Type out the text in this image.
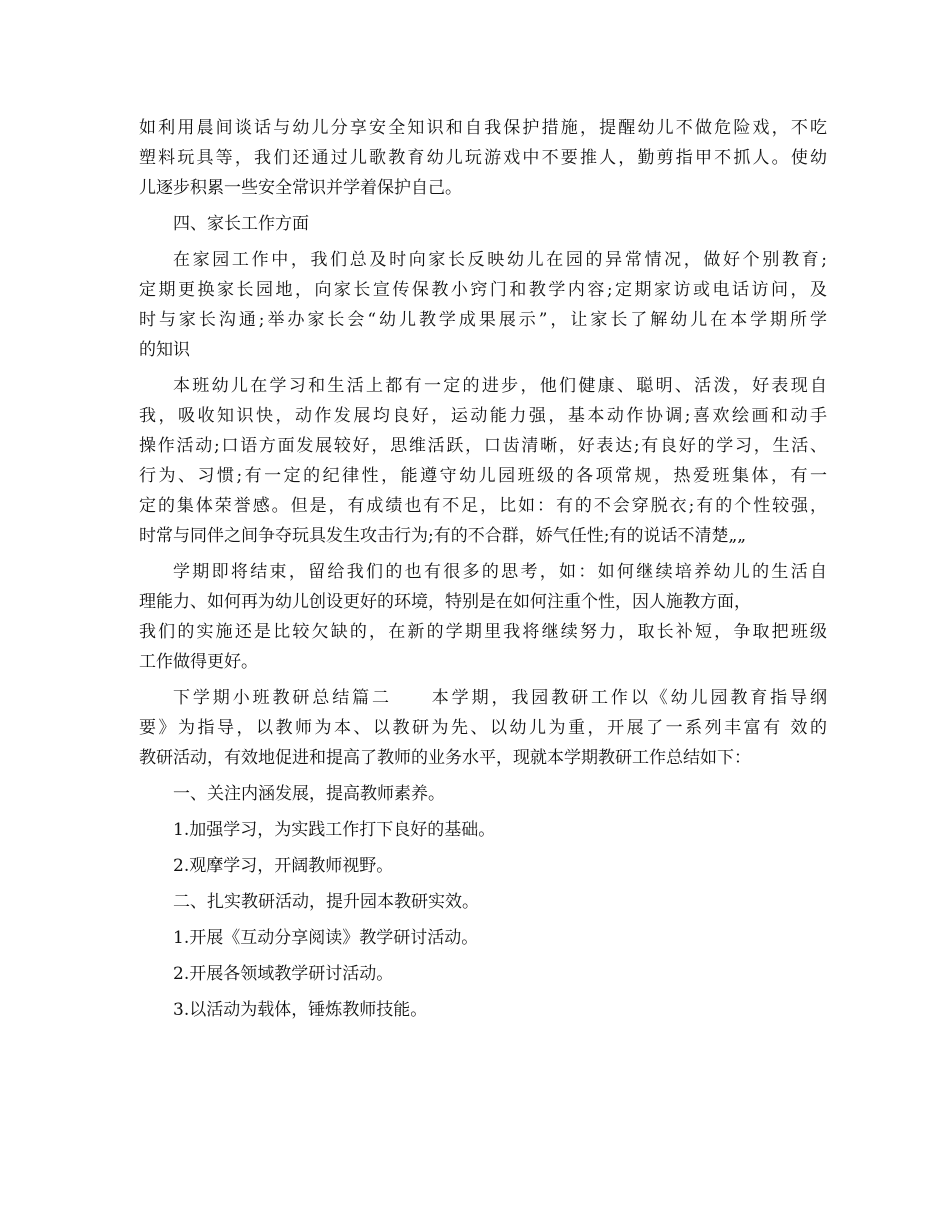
如利用晨间谈话与幼儿分享安全知识和自我保护措施，提醒幼儿不做危险戏，不吃
塑料玩具等，我们还通过儿歌教育幼儿玩游戏中不要推人，勤剪指甲不抓人。使幼
儿逐步积累一些安全常识并学着保护自己。
四、家长工作方面
在家园工作中，我们总及时向家长反映幼儿在园的异常情况，做好个别教育;
定期更换家长园地，向家长宣传保教小窍门和教学内容;定期家访或电话访问，及
时与家长沟通;举办家长会“幼儿教学成果展示”，让家长了解幼儿在本学期所学
的知识
本班幼儿在学习和生活上都有一定的进步，他们健康、聪明、活泼，好表现自
我，吸收知识快，动作发展均良好，运动能力强，基本动作协调;喜欢绘画和动手
操作活动;口语方面发展较好，思维活跃，口齿清晰，好表达;有良好的学习，生活、
行为、习惯;有一定的纪律性，能遵守幼儿园班级的各项常规，热爱班集体，有一
定的集体荣誉感。但是，有成绩也有不足，比如：有的不会穿脱衣;有的个性较强，
时常与同伴之间争夺玩具发生攻击行为;有的不合群，娇气任性;有的说话不清楚„„
学期即将结束，留给我们的也有很多的思考，如：如何继续培养幼儿的生活自
理能力、如何再为幼儿创设更好的环境，特别是在如何注重个性，因人施教方面，
我们的实施还是比较欠缺的，在新的学期里我将继续努力，取长补短，争取把班级
工作做得更好。
下学期小班教研总结篇二　　本学期，我园教研工作以《幼儿园教育指导纲
要》为指导，以教师为本、以教研为先、以幼儿为重，开展了一系列丰富有 效的
教研活动，有效地促进和提高了教师的业务水平，现就本学期教研工作总结如下：
一、关注内涵发展，提高教师素养。
1.加强学习，为实践工作打下良好的基础。
2.观摩学习，开阔教师视野。
二、扎实教研活动，提升园本教研实效。
1.开展《互动分享阅读》教学研讨活动。
2.开展各领域教学研讨活动。
3.以活动为载体，锤炼教师技能。
